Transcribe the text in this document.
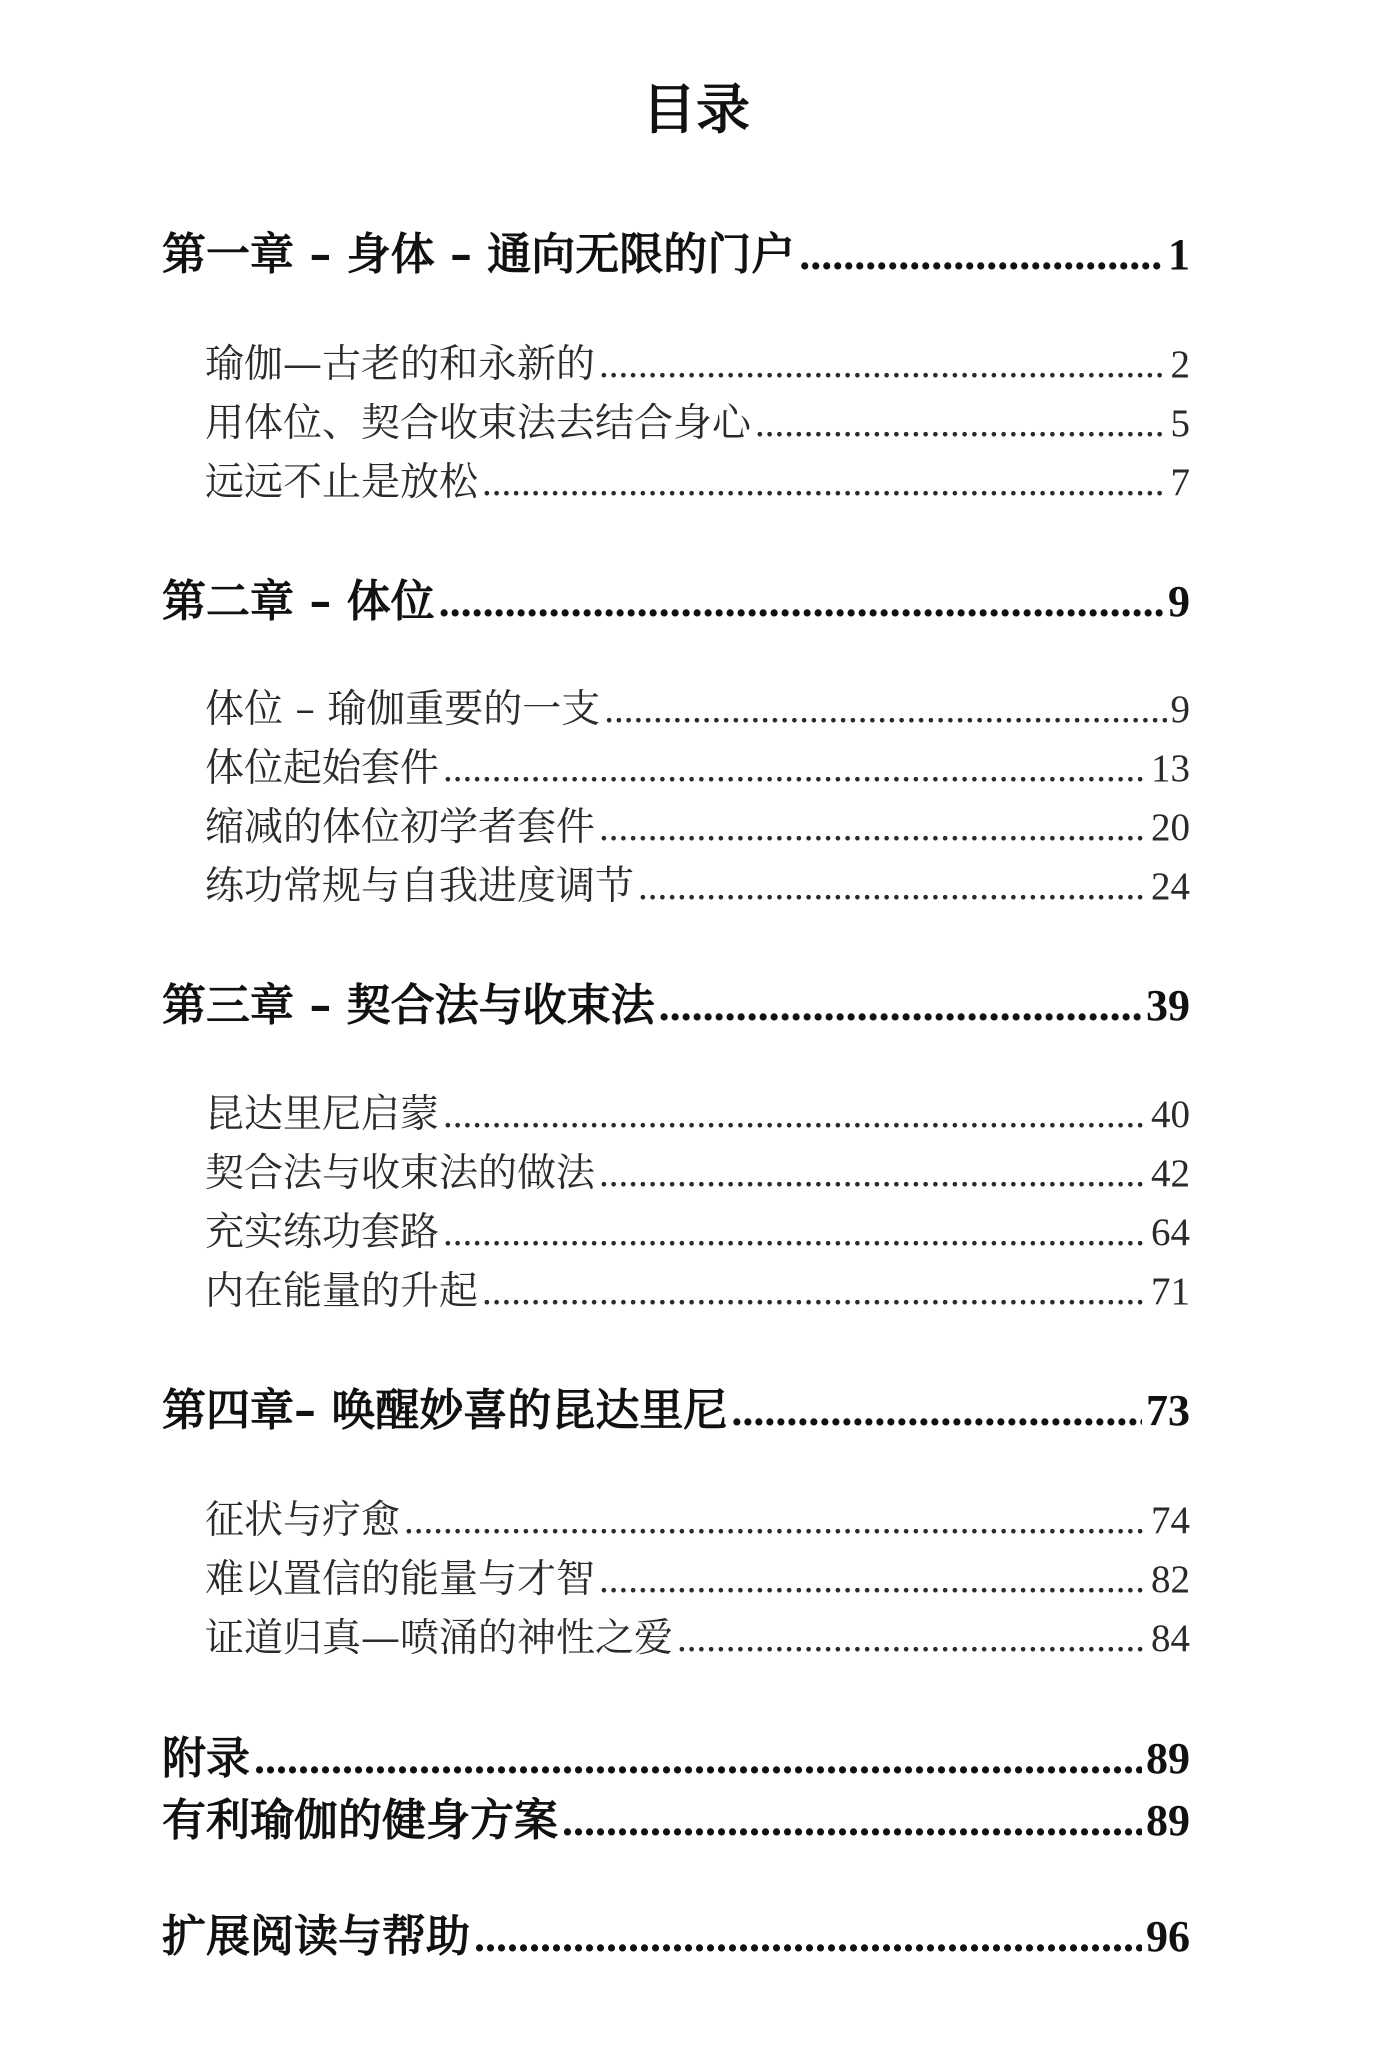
目录
第一章 – 身体 – 通向无限的门户 .....	1
瑜伽—古老的和永新的 .....	2
用体位、契合收束法去结合身心 .....	5
远远不止是放松 .....	7
第二章 – 体位 .....	9
体位 – 瑜伽重要的一支 .....	9
体位起始套件 .....	13
缩减的体位初学者套件 .....	20
练功常规与自我进度调节 .....	24
第三章 – 契合法与收束法 .....	39
昆达里尼启蒙 .....	40
契合法与收束法的做法 .....	42
充实练功套路 .....	64
内在能量的升起 .....	71
第四章– 唤醒妙喜的昆达里尼 .....	73
征状与疗愈 .....	74
难以置信的能量与才智 .....	82
证道归真—喷涌的神性之爱 .....	84
附录 .....	89
有利瑜伽的健身方案 .....	89
扩展阅读与帮助 .....	96
